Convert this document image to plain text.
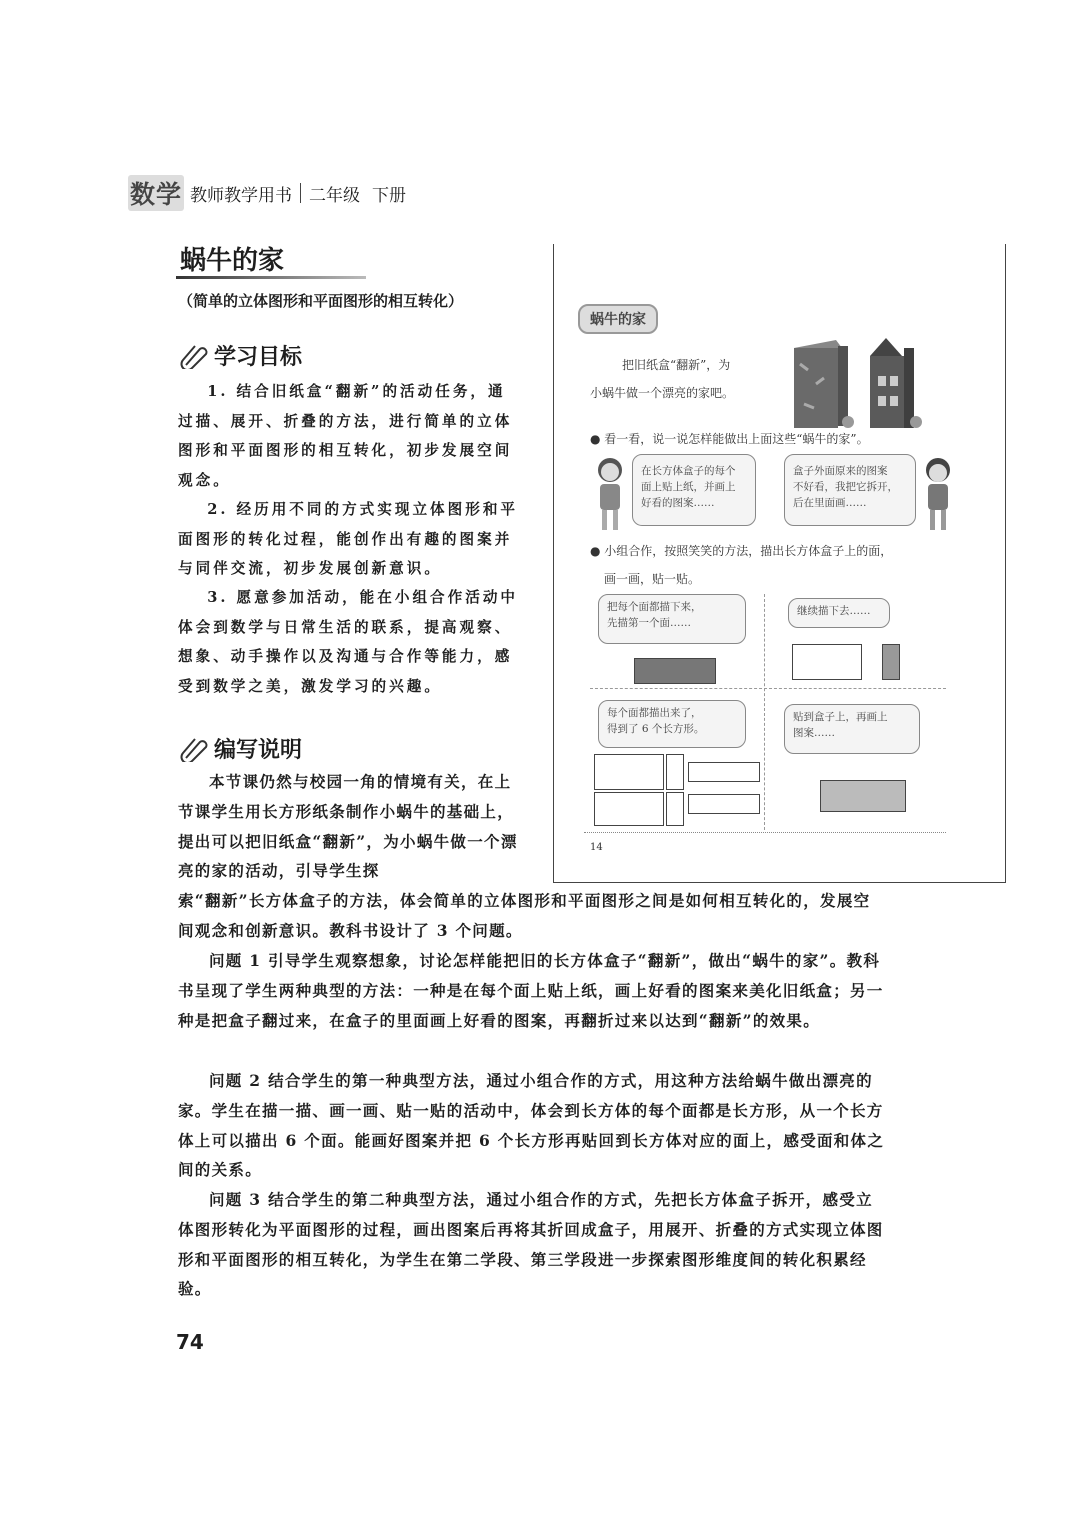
数学 教师教学用书 二年级 下册
蜗牛的家
（简单的立体图形和平面图形的相互转化）
学习目标
1. 结合旧纸盒“翻新”的活动任务，通过描、展开、折叠的方法，进行简单的立体图形和平面图形的相互转化，初步发展空间观念。
2. 经历用不同的方式实现立体图形和平面图形的转化过程，能创作出有趣的图案并与同伴交流，初步发展创新意识。
3. 愿意参加活动，能在小组合作活动中体会到数学与日常生活的联系，提高观察、想象、动手操作以及沟通与合作等能力，感受到数学之美，激发学习的兴趣。
编写说明
本节课仍然与校园一角的情境有关，在上节课学生用长方形纸条制作小蜗牛的基础上，提出可以把旧纸盒“翻新”，为小蜗牛做一个漂亮的家的活动，引导学生探
索“翻新”长方体盒子的方法，体会简单的立体图形和平面图形之间是如何相互转化的，发展空间观念和创新意识。教科书设计了 3 个问题。
问题 1 引导学生观察想象，讨论怎样能把旧的长方体盒子“翻新”，做出“蜗牛的家”。教科书呈现了学生两种典型的方法：一种是在每个面上贴上纸，画上好看的图案来美化旧纸盒；另一种是把盒子翻过来，在盒子的里面画上好看的图案，再翻折过来以达到“翻新”的效果。
问题 2 结合学生的第一种典型方法，通过小组合作的方式，用这种方法给蜗牛做出漂亮的家。学生在描一描、画一画、贴一贴的活动中，体会到长方体的每个面都是长方形，从一个长方体上可以描出 6 个面。能画好图案并把 6 个长方形再贴回到长方体对应的面上，感受面和体之间的关系。
问题 3 结合学生的第二种典型方法，通过小组合作的方式，先把长方体盒子拆开，感受立体图形转化为平面图形的过程，画出图案后再将其折回成盒子，用展开、折叠的方式实现立体图形和平面图形的相互转化，为学生在第二学段、第三学段进一步探索图形维度间的转化积累经验。
74
蜗牛的家
把旧纸盒“翻新”，为
小蜗牛做一个漂亮的家吧。
● 看一看，说一说怎样能做出上面这些“蜗牛的家”。
在长方体盒子的每个
面上贴上纸，并画上
好看的图案……
盒子外面原来的图案
不好看，我把它拆开，
后在里面画……
● 小组合作，按照笑笑的方法，描出长方体盒子上的面，
画一画，贴一贴。
把每个面都描下来，
先描第一个面……
继续描下去……
每个面都描出来了，
得到了 6 个长方形。
贴到盒子上，再画上
图案……
14
